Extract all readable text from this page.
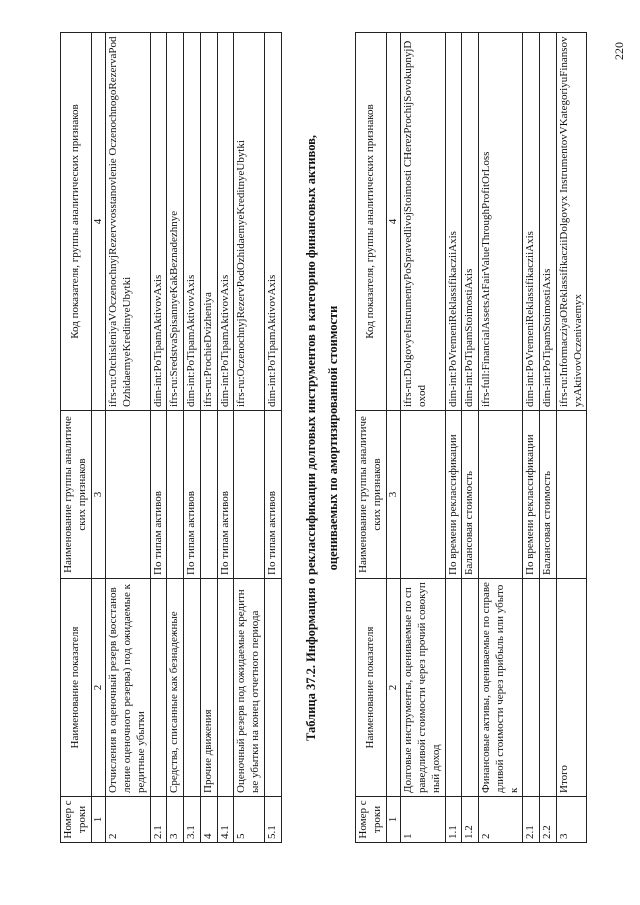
Номер строки	Наименование показателя	Наименование группы аналитических признаков	Код показателя, группы аналитических признаков
1	2	3	4
2	Отчисления в оценочный резерв (восстановление оценочного резерва) под ожидаемые кредитные убытки		ifrs-ru:OtchisleniyaVOczenochnyjRezervvosstanovlenie OczenochnogoRezervaPodOzhidaemyeKreditnyeUbytki
2.1		По типам активов	dim-int:PoTipamAktivovAxis
3	Средства, списанные как безнадежные		ifrs-ru:SredstvaSpisannyeKakBeznadezhnye
3.1		По типам активов	dim-int:PoTipamAktivovAxis
4	Прочие движения		ifrs-ru:ProchieDvizheniya
4.1		По типам активов	dim-int:PoTipamAktivovAxis
5	Оценочный резерв под ожидаемые кредитные убытки на конец отчетного периода		ifrs-ru:OczenochnyjRezervPodOzhidaemyeKreditnyeUbytki
5.1		По типам активов	dim-int:PoTipamAktivovAxis Таблица 37.2. Информация о реклассификации долговых инструментов в категорию финансовых активов, оцениваемых по амортизированной стоимости
Номер строки	Наименование показателя	Наименование группы аналитических признаков	Код показателя, группы аналитических признаков
1	2	3	4
1	Долговые инструменты, оцениваемые по справедливой стоимости через прочий совокупный доход		ifrs-ru:DolgovyeInstrumentyPoSpravedlivojStoimosti CHerezProchijSovokupnyjDoxod
1.1		По времени реклассификации	dim-int:PoVremeniReklassifikacziiAxis
1.2		Балансовая стоимость	dim-int:PoTipamStoimostiAxis
2	Финансовые активы, оцениваемые по справедливой стоимости через прибыль или убыток		ifrs-full:FinancialAssetsAtFairValueThroughProfitOrLoss
2.1		По времени реклассификации	dim-int:PoVremeniReklassifikacziiAxis
2.2		Балансовая стоимость	dim-int:PoTipamStoimostiAxis
3	Итого		ifrs-ru:InformacziyaOReklassifikacziiDolgovyx InstrumentovVKategoriyuFinansovyxAktivovOczenivaemyx
220
